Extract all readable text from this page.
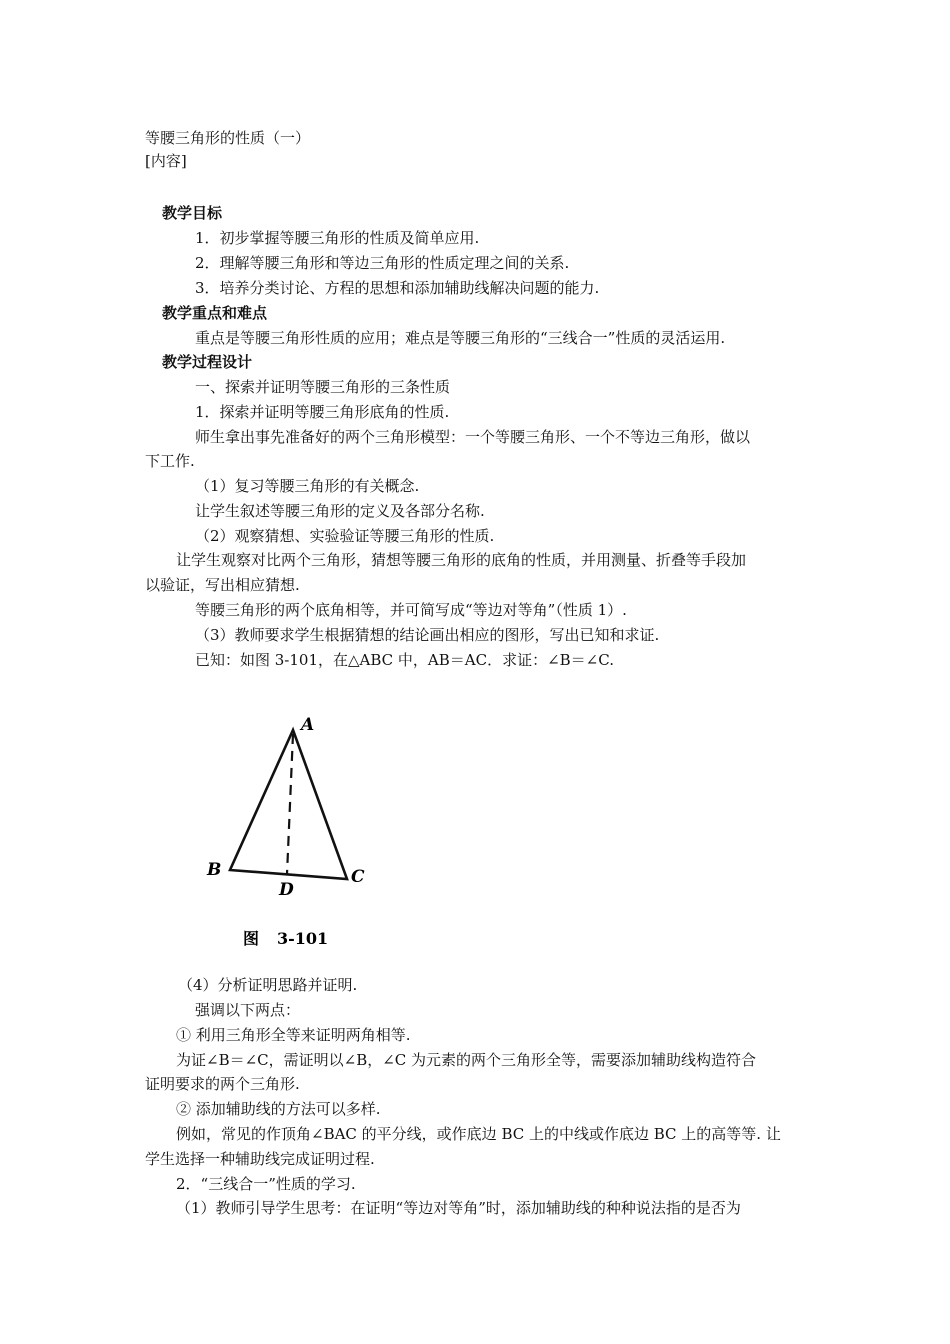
等腰三角形的性质（一）
[内容]
教学目标
1．初步掌握等腰三角形的性质及简单应用.
2．理解等腰三角形和等边三角形的性质定理之间的关系.
3．培养分类讨论、方程的思想和添加辅助线解决问题的能力.
教学重点和难点
重点是等腰三角形性质的应用；难点是等腰三角形的“三线合一”性质的灵活运用.
教学过程设计
一、探索并证明等腰三角形的三条性质
1．探索并证明等腰三角形底角的性质.
师生拿出事先准备好的两个三角形模型：一个等腰三角形、一个不等边三角形，做以
下工作.
（1）复习等腰三角形的有关概念.
让学生叙述等腰三角形的定义及各部分名称.
（2）观察猜想、实验验证等腰三角形的性质.
让学生观察对比两个三角形，猜想等腰三角形的底角的性质，并用测量、折叠等手段加
以验证，写出相应猜想.
等腰三角形的两个底角相等，并可简写成“等边对等角”（性质 1）.
（3）教师要求学生根据猜想的结论画出相应的图形，写出已知和求证.
已知：如图 3-101，在△ABC 中，AB＝AC．求证：∠B＝∠C.
A
B	C
D
图 3-101
（4）分析证明思路并证明.
强调以下两点：
① 利用三角形全等来证明两角相等.
为证∠B＝∠C，需证明以∠B，∠C 为元素的两个三角形全等，需要添加辅助线构造符合
证明要求的两个三角形.
② 添加辅助线的方法可以多样.
例如，常见的作顶角∠BAC 的平分线，或作底边 BC 上的中线或作底边 BC 上的高等等. 让
学生选择一种辅助线完成证明过程.
2．“三线合一”性质的学习.
（1）教师引导学生思考：在证明“等边对等角”时，添加辅助线的种种说法指的是否为
